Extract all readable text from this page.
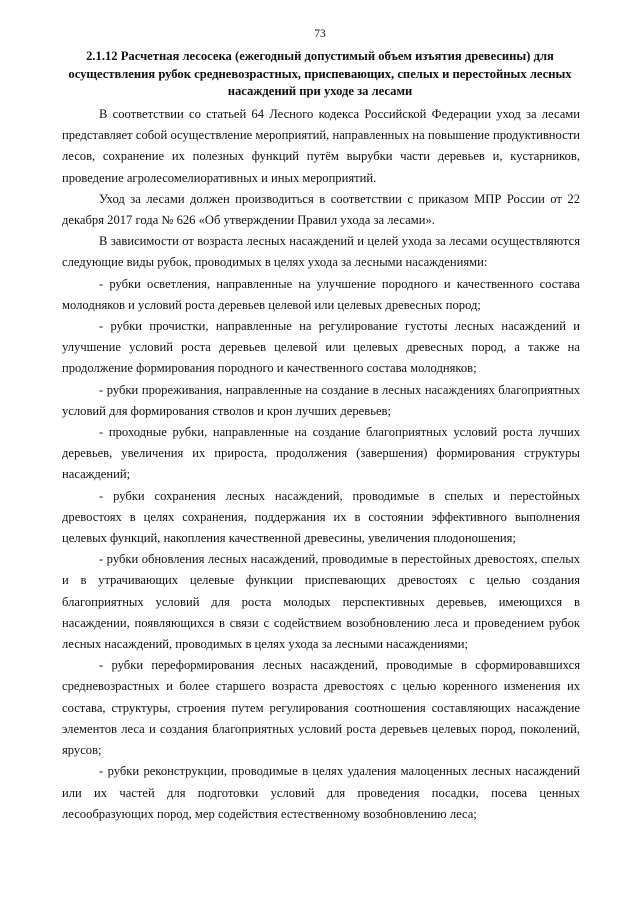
73
2.1.12 Расчетная лесосека (ежегодный допустимый объем изъятия древесины) для осуществления рубок средневозрастных, приспевающих, спелых и перестойных лесных насаждений при уходе за лесами

В соответствии со статьей 64 Лесного кодекса Российской Федерации уход за лесами представляет собой осуществление мероприятий, направленных на повышение продуктивности лесов, сохранение их полезных функций путём вырубки части деревьев и, кустарников, проведение агролесомелиоративных и иных мероприятий.

Уход за лесами должен производиться в соответствии с приказом МПР России от 22 декабря 2017 года № 626 «Об утверждении Правил ухода за лесами».

В зависимости от возраста лесных насаждений и целей ухода за лесами осуществляются следующие виды рубок, проводимых в целях ухода за лесными насаждениями:

- рубки осветления, направленные на улучшение породного и качественного состава молодняков и условий роста деревьев целевой или целевых древесных пород;

- рубки прочистки, направленные на регулирование густоты лесных насаждений и улучшение условий роста деревьев целевой или целевых древесных пород, а также на продолжение формирования породного и качественного состава молодняков;

- рубки прореживания, направленные на создание в лесных насаждениях благоприятных условий для формирования стволов и крон лучших деревьев;

- проходные рубки, направленные на создание благоприятных условий роста лучших деревьев, увеличения их прироста, продолжения (завершения) формирования структуры насаждений;

- рубки сохранения лесных насаждений, проводимые в спелых и перестойных древостоях в целях сохранения, поддержания их в состоянии эффективного выполнения целевых функций, накопления качественной древесины, увеличения плодоношения;

- рубки обновления лесных насаждений, проводимые в перестойных древостоях, спелых и в утрачивающих целевые функции приспевающих древостоях с целью создания благоприятных условий для роста молодых перспективных деревьев, имеющихся в насаждении, появляющихся в связи с содействием возобновлению леса и проведением рубок лесных насаждений, проводимых в целях ухода за лесными насаждениями;

- рубки переформирования лесных насаждений, проводимые в сформировавшихся средневозрастных и более старшего возраста древостоях с целью коренного изменения их состава, структуры, строения путем регулирования соотношения составляющих насаждение элементов леса и создания благоприятных условий роста деревьев целевых пород, поколений, ярусов;

- рубки реконструкции, проводимые в целях удаления малоценных лесных насаждений или их частей для подготовки условий для проведения посадки, посева ценных лесообразующих пород, мер содействия естественному возобновлению леса;
